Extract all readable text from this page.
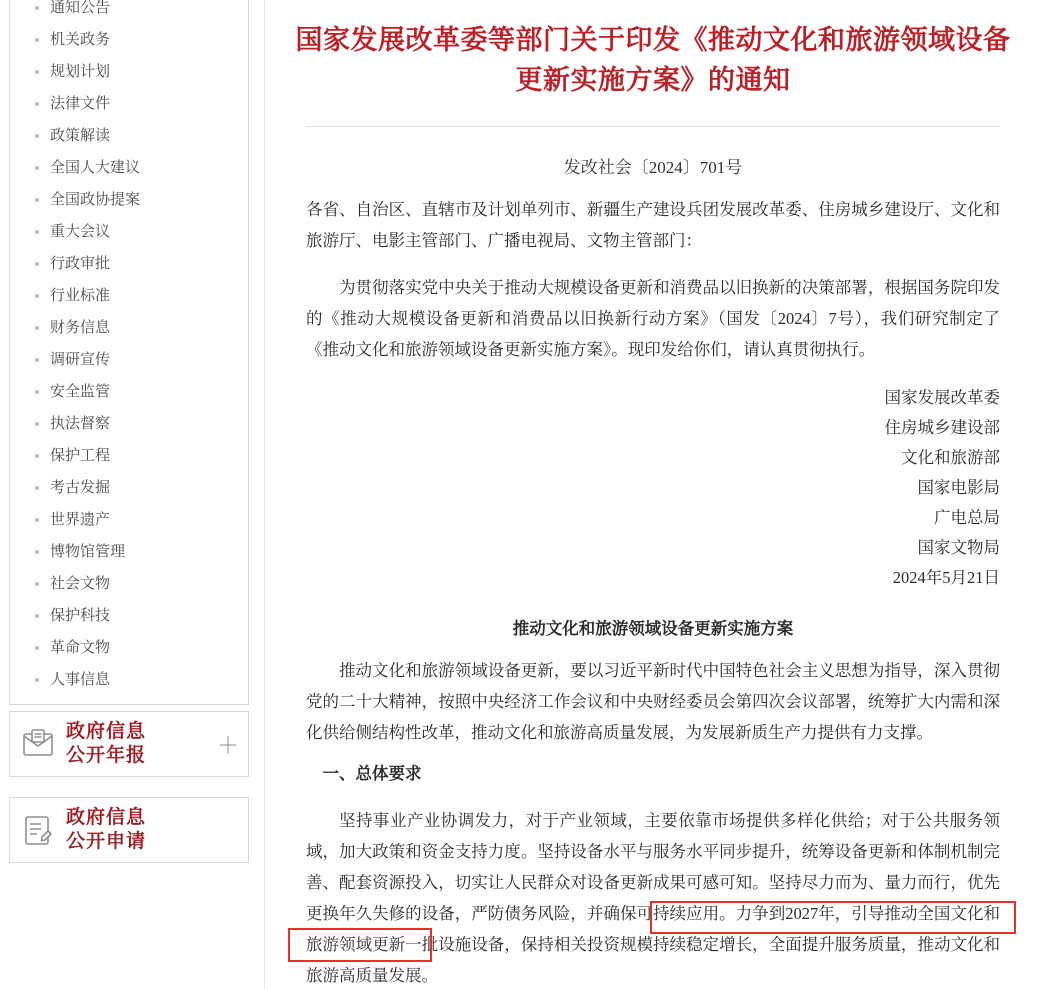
通知公告
机关政务
规划计划
法律文件
政策解读
全国人大建议
全国政协提案
重大会议
行政审批
行业标准
财务信息
调研宣传
安全监管
执法督察
保护工程
考古发掘
世界遗产
博物馆管理
社会文物
保护科技
革命文物
人事信息
政府信息
公开年报	＋
政府信息
公开申请
国家发展改革委等部门关于印发《推动文化和旅游领域设备更新实施方案》的通知
发改社会〔2024〕701号

各省、自治区、直辖市及计划单列市、新疆生产建设兵团发展改革委、住房城乡建设厅、文化和旅游厅、电影主管部门、广播电视局、文物主管部门：

为贯彻落实党中央关于推动大规模设备更新和消费品以旧换新的决策部署，根据国务院印发的《推动大规模设备更新和消费品以旧换新行动方案》（国发〔2024〕7号），我们研究制定了《推动文化和旅游领域设备更新实施方案》。现印发给你们，请认真贯彻执行。

国家发展改革委
住房城乡建设部
文化和旅游部
国家电影局
广电总局
国家文物局
2024年5月21日
推动文化和旅游领域设备更新实施方案

推动文化和旅游领域设备更新，要以习近平新时代中国特色社会主义思想为指导，深入贯彻党的二十大精神，按照中央经济工作会议和中央财经委员会第四次会议部署，统筹扩大内需和深化供给侧结构性改革，推动文化和旅游高质量发展，为发展新质生产力提供有力支撑。

一、总体要求

坚持事业产业协调发力，对于产业领域，主要依靠市场提供多样化供给；对于公共服务领域，加大政策和资金支持力度。坚持设备水平与服务水平同步提升，统筹设备更新和体制机制完善、配套资源投入，切实让人民群众对设备更新成果可感可知。坚持尽力而为、量力而行，优先更换年久失修的设备，严防债务风险，并确保可持续应用。力争到2027年，引导推动全国文化和旅游领域更新一批设施设备，保持相关投资规模持续稳定增长，全面提升服务质量，推动文化和旅游高质量发展。
